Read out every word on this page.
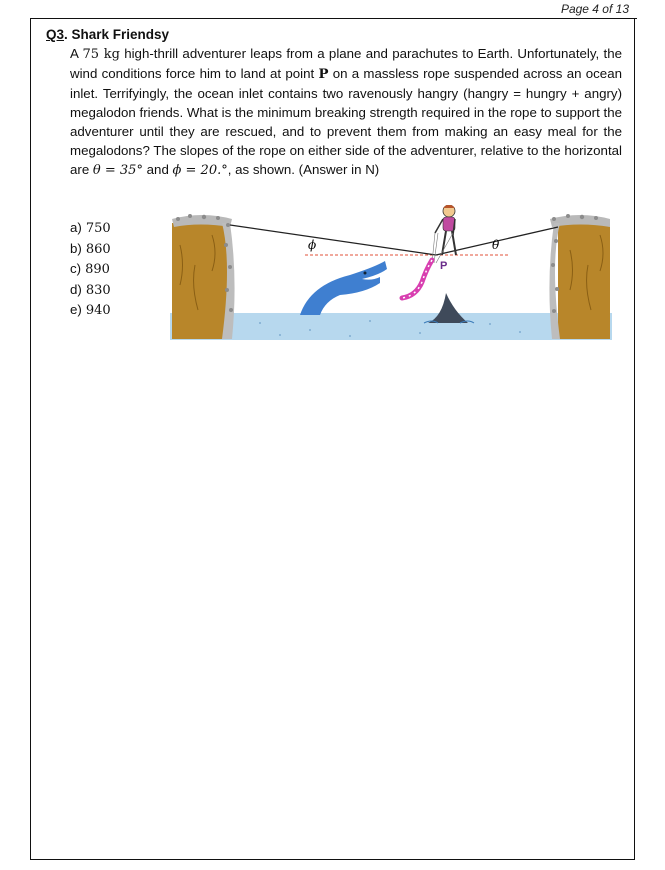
Page 4 of 13
Q3. Shark Friendsy
A 75 kg high-thrill adventurer leaps from a plane and parachutes to Earth. Unfortunately, the wind conditions force him to land at point P on a massless rope suspended across an ocean inlet. Terrifyingly, the ocean inlet contains two ravenously hangry (hangry = hungry + angry) megalodon friends. What is the minimum breaking strength required in the rope to support the adventurer until they are rescued, and to prevent them from making an easy meal for the megalodons? The slopes of the rope on either side of the adventurer, relative to the horizontal are θ = 35° and ϕ = 20.°, as shown. (Answer in N)
a) 750
b) 860
c) 890
d) 830
e) 940
ϕ	θ
P
